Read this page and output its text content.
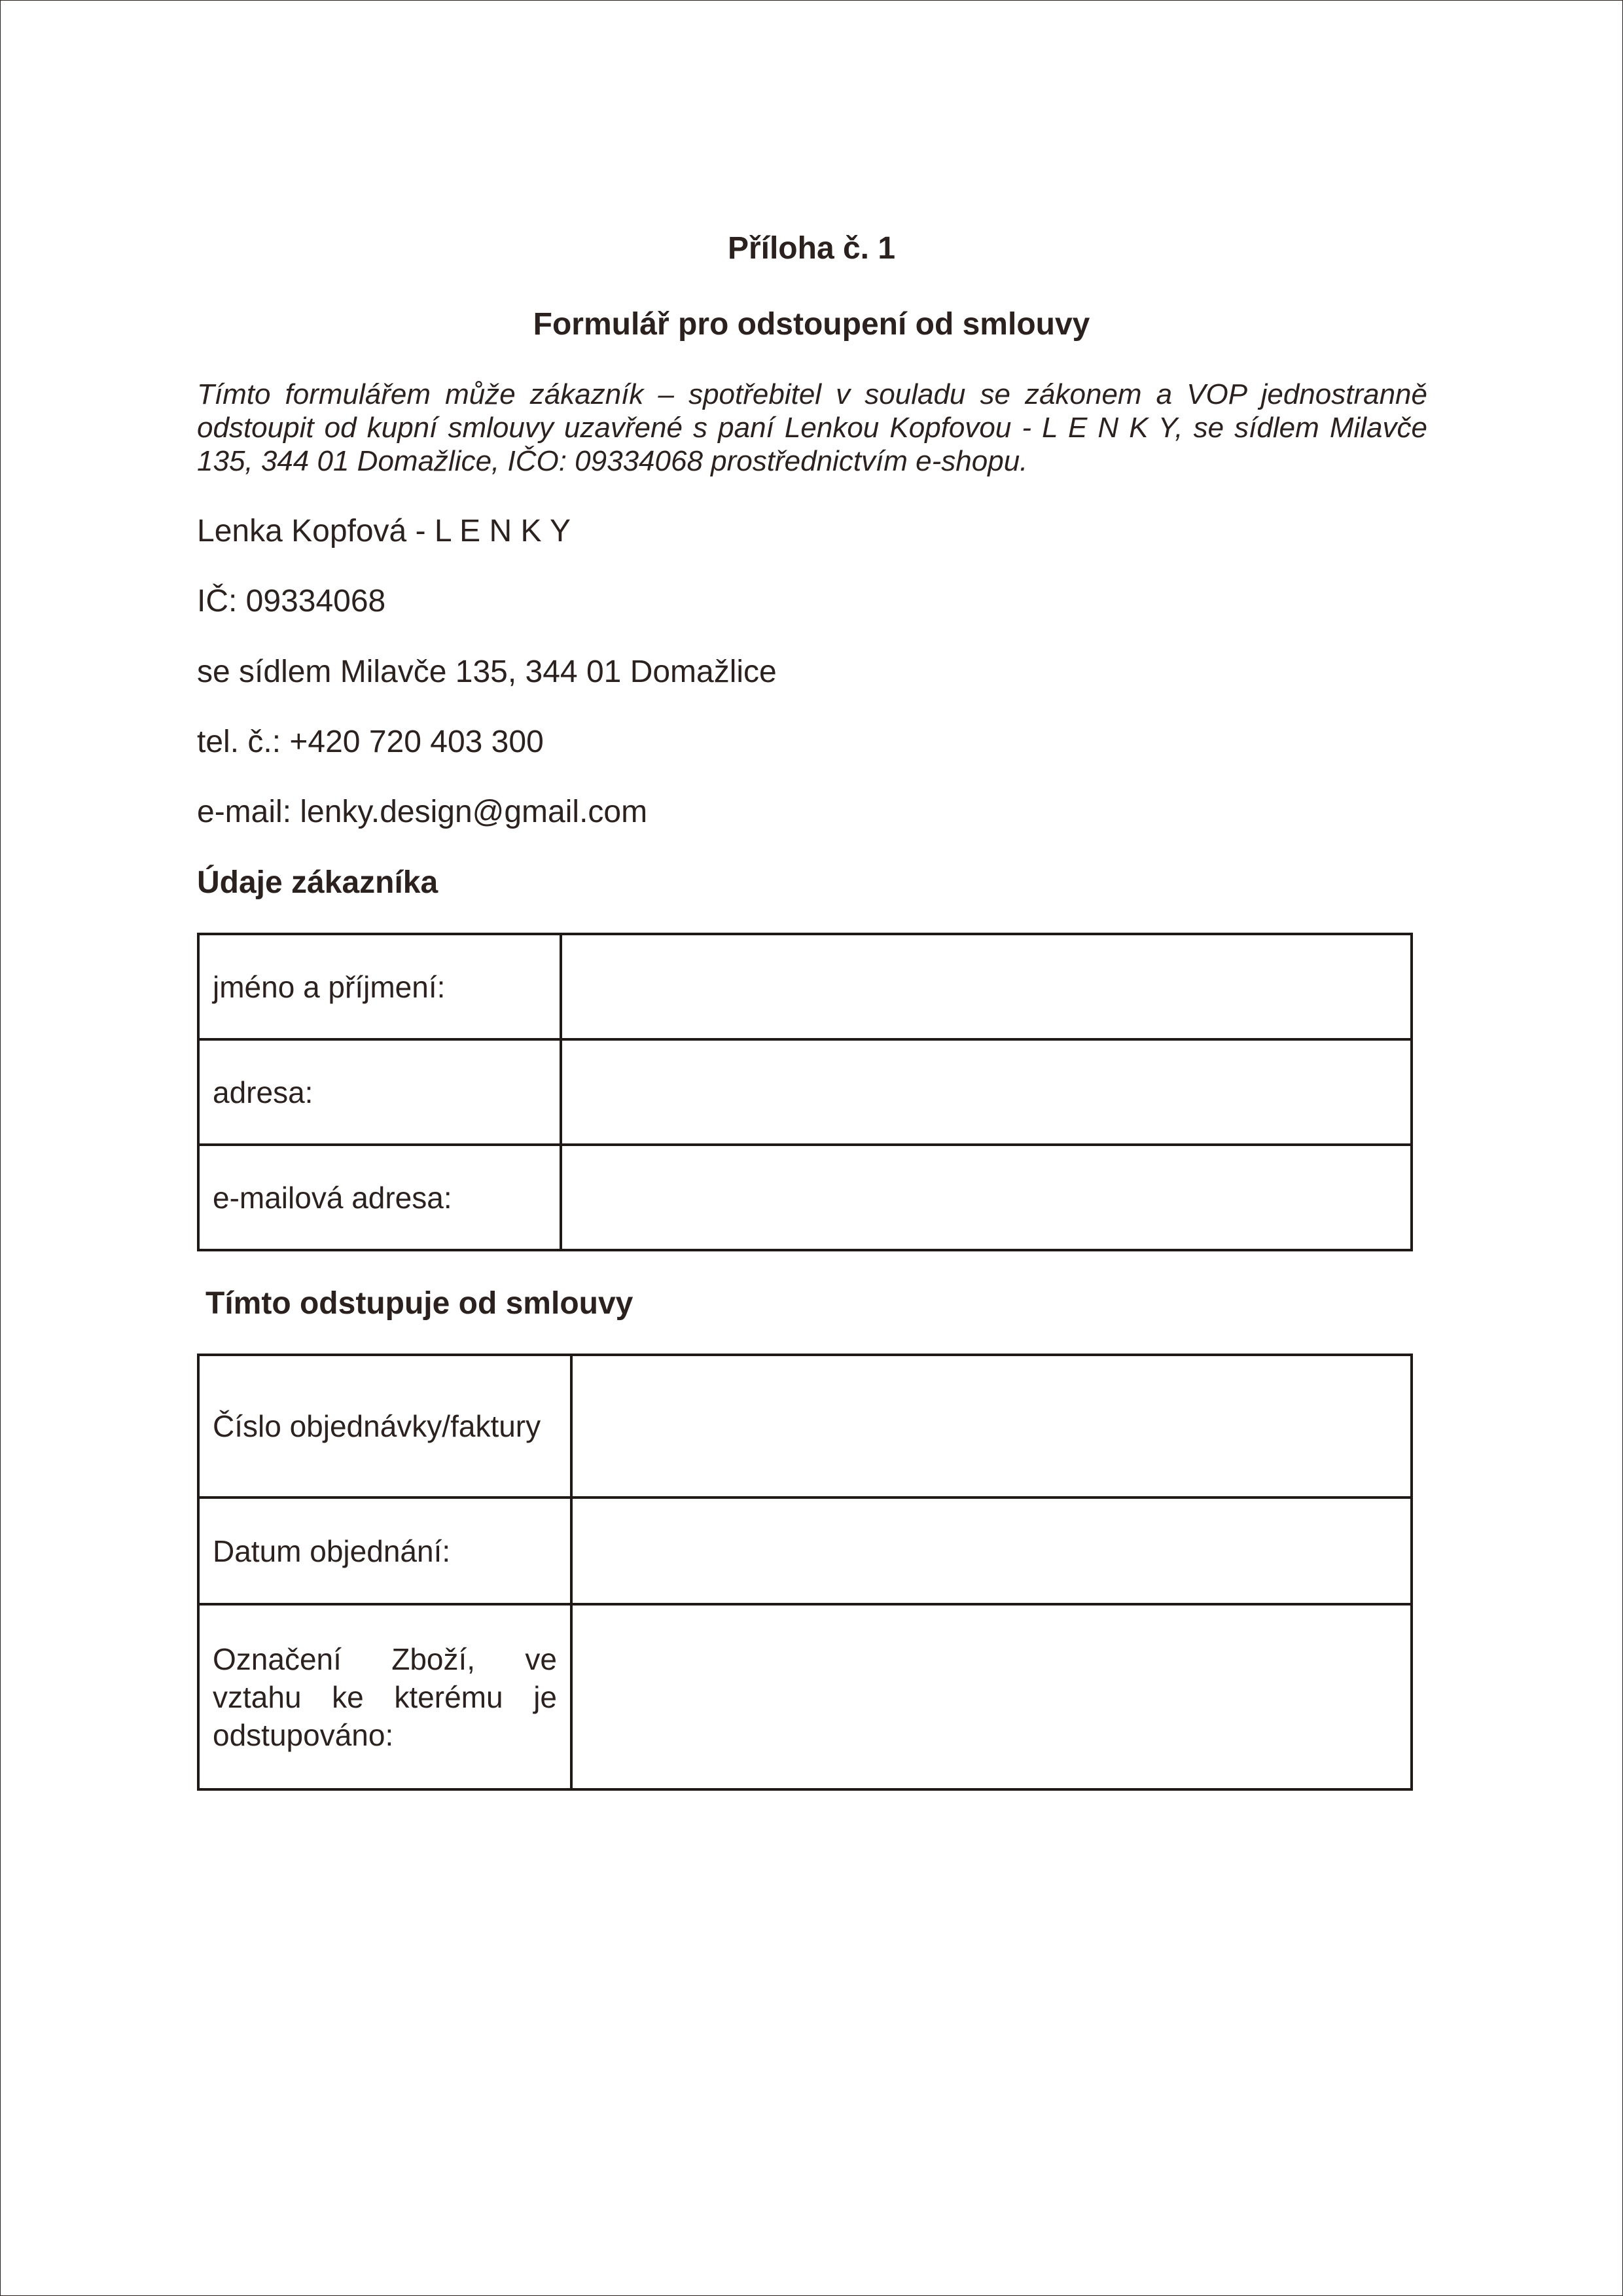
Příloha č. 1

Formulář pro odstoupení od smlouvy

Tímto formulářem může zákazník – spotřebitel v souladu se zákonem a VOP jednostranně odstoupit od kupní smlouvy uzavřené s paní Lenkou Kopfovou - L E N K Y, se sídlem Milavče 135, 344 01 Domažlice, IČO: 09334068 prostřednictvím e-shopu.

Lenka Kopfová - L E N K Y

IČ: 09334068

se sídlem Milavče 135, 344 01 Domažlice

tel. č.: +420 720 403 300

e-mail: lenky.design@gmail.com

Údaje zákazníka

jméno a příjmení:	
adresa:	
e-mailová adresa:	

Tímto odstupuje od smlouvy

Číslo objednávky/faktury	
Datum objednání:	
Označení Zboží, ve vztahu ke kterému je odstupováno:	
